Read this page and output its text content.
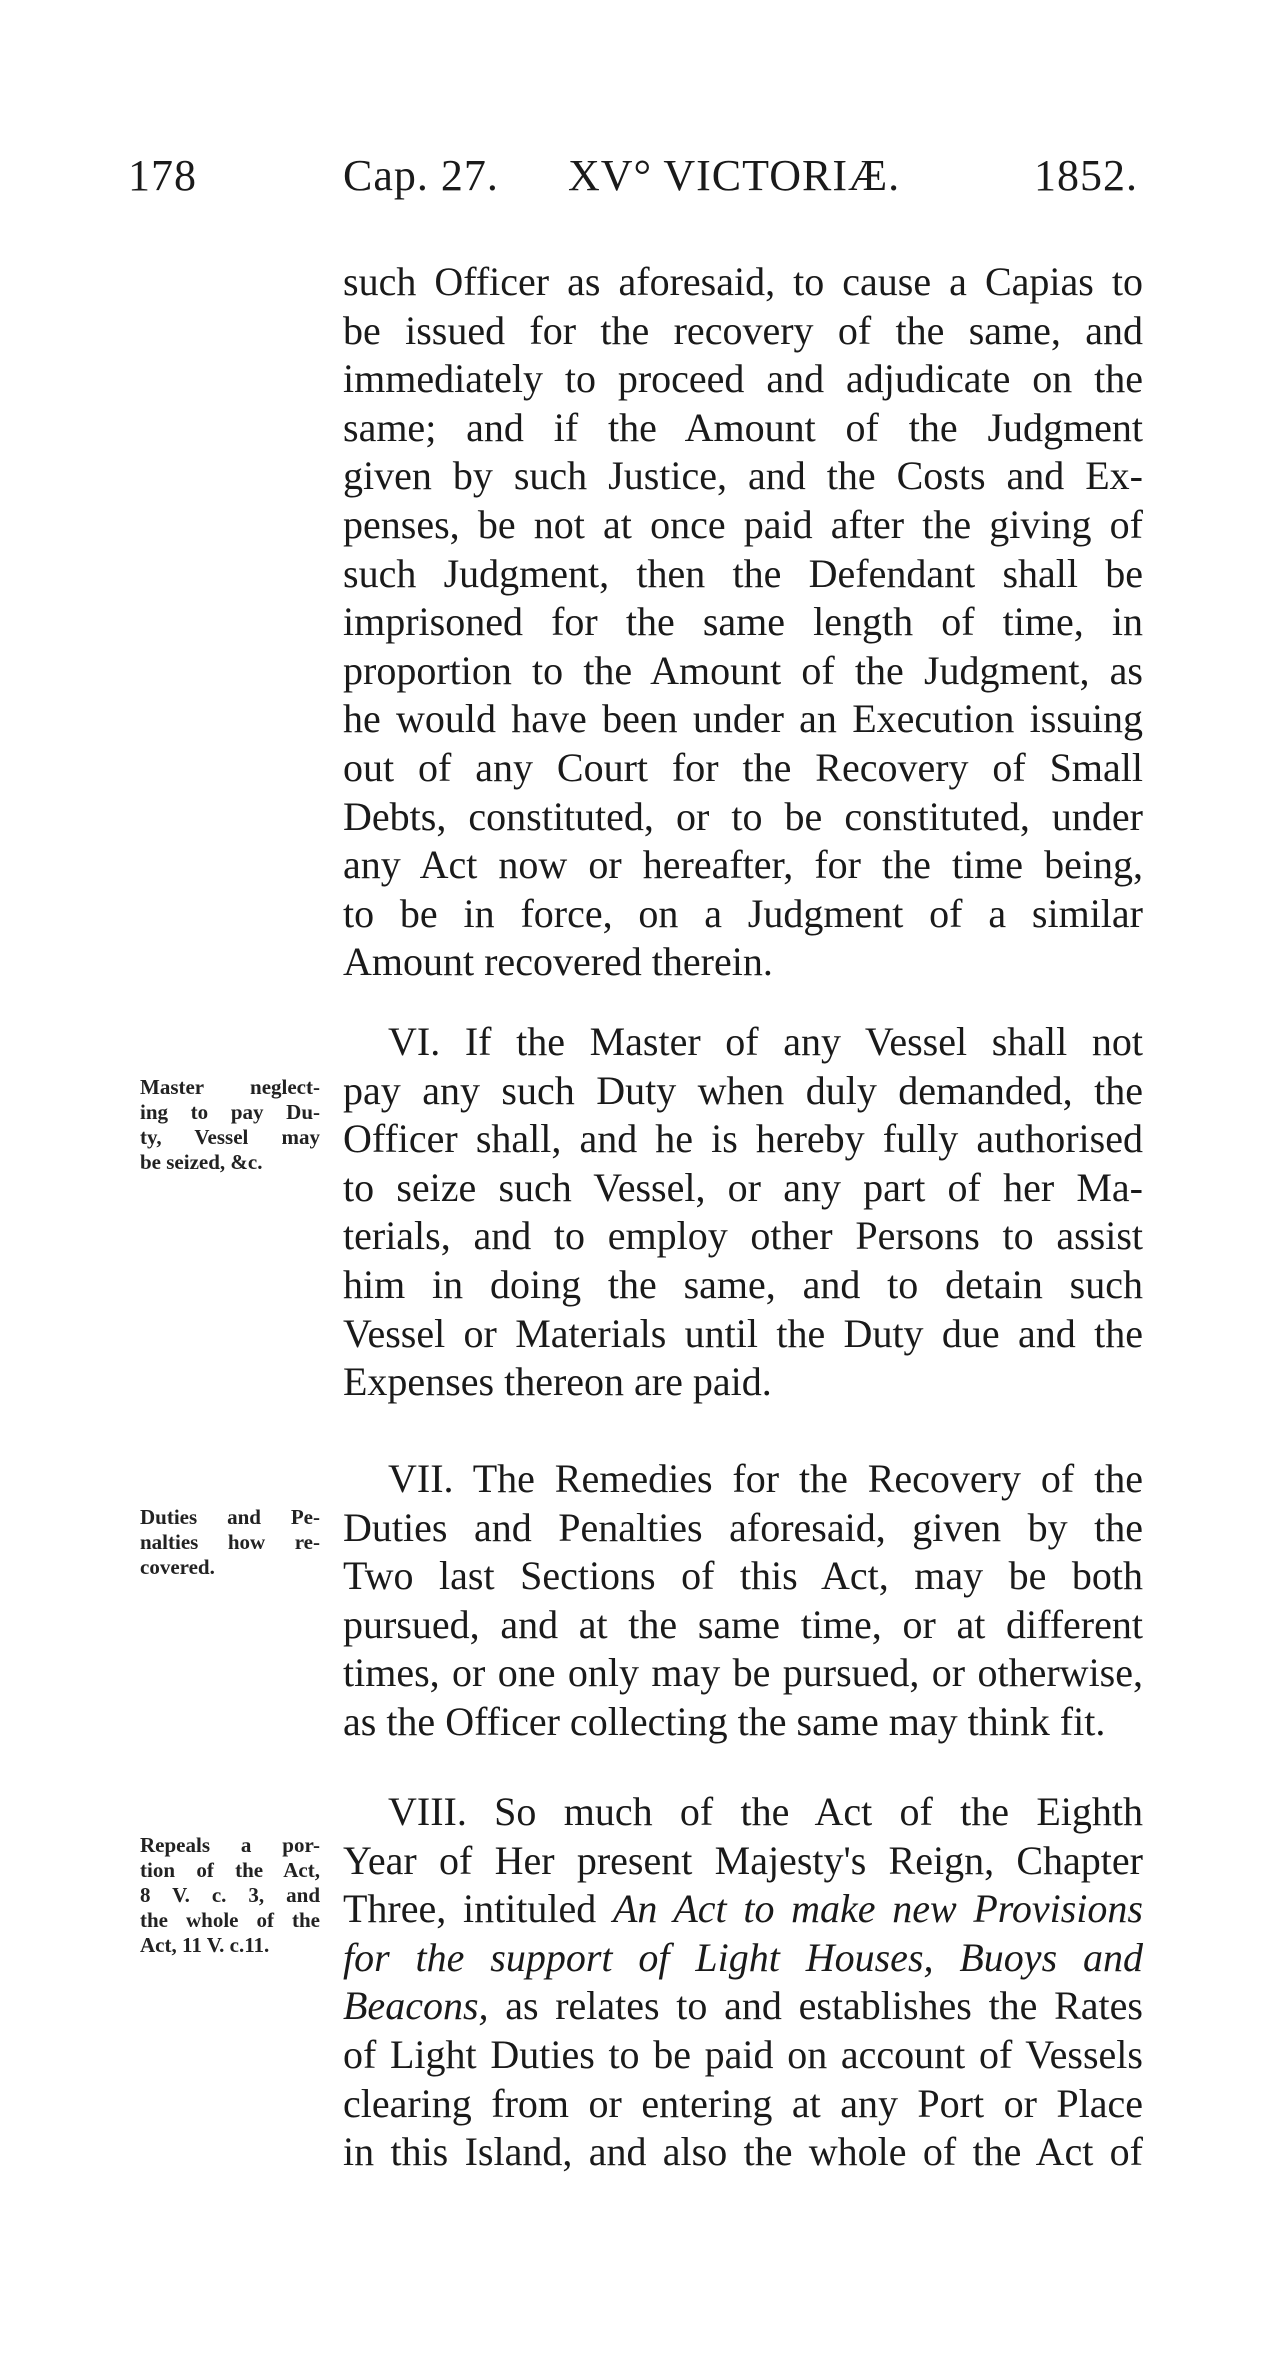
178	Cap. 27. XV° VICTORIÆ.	1852.
such Officer as aforesaid, to cause a Capias to
be issued for the recovery of the same, and
immediately to proceed and adjudicate on the
same; and if the Amount of the Judgment
given by such Justice, and the Costs and Ex-
penses, be not at once paid after the giving of
such Judgment, then the Defendant shall be
imprisoned for the same length of time, in
proportion to the Amount of the Judgment, as
he would have been under an Execution issuing
out of any Court for the Recovery of Small
Debts, constituted, or to be constituted, under
any Act now or hereafter, for the time being,
to be in force, on a Judgment of a similar
Amount recovered therein.
Master neglect-
ing to pay Du-
ty, Vessel may
be seized, &c.
VI. If the Master of any Vessel shall not
pay any such Duty when duly demanded, the
Officer shall, and he is hereby fully authorised
to seize such Vessel, or any part of her Ma-
terials, and to employ other Persons to assist
him in doing the same, and to detain such
Vessel or Materials until the Duty due and the
Expenses thereon are paid.
Duties and Pe-
nalties how re-
covered.
VII. The Remedies for the Recovery of the
Duties and Penalties aforesaid, given by the
Two last Sections of this Act, may be both
pursued, and at the same time, or at different
times, or one only may be pursued, or otherwise,
as the Officer collecting the same may think fit.
Repeals a por-
tion of the Act,
8 V. c. 3, and
the whole of the
Act, 11 V. c.11.
VIII. So much of the Act of the Eighth
Year of Her present Majesty's Reign, Chapter
Three, intituled An Act to make new Provisions
for the support of Light Houses, Buoys and
Beacons, as relates to and establishes the Rates
of Light Duties to be paid on account of Vessels
clearing from or entering at any Port or Place
in this Island, and also the whole of the Act of
